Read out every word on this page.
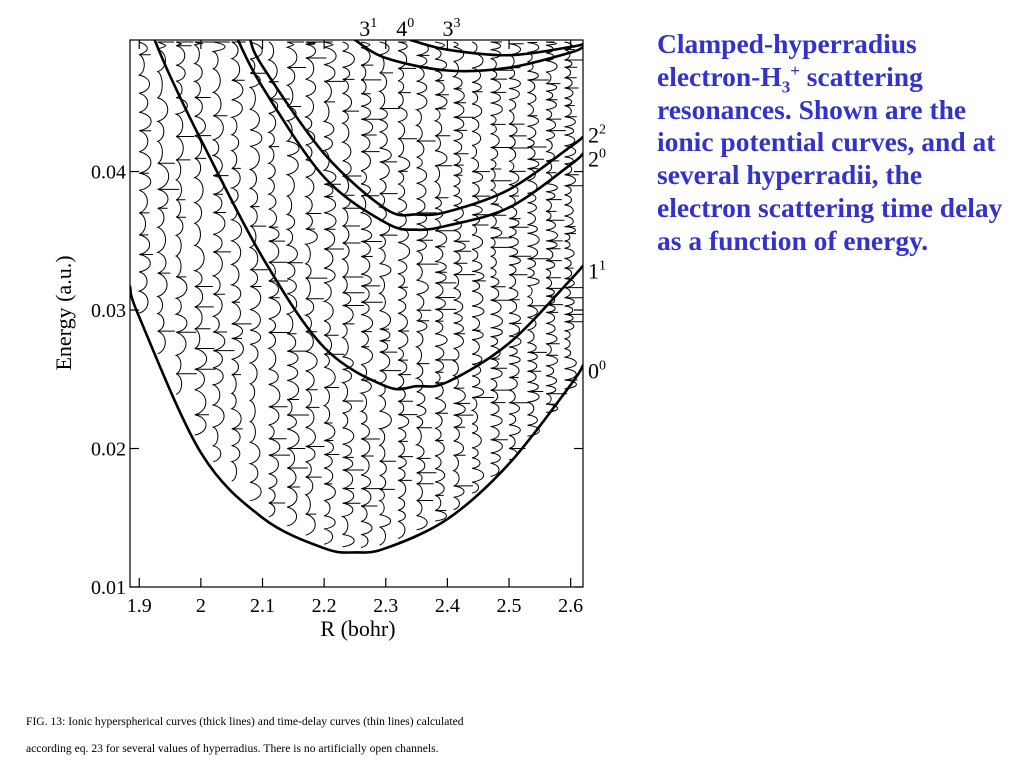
1.9 2 2.1 2.2 2.3 2.4 2.5 2.6
0.01
0.02
0.03
0.04
$0^0$
$1^1$
$2^0$
$2^2$
$3^1$ $4^0$ $3^3$
R (bohr)
Energy (a.u.)
Clamped-hyperradius electron-$H_3^+$ scattering resonances. Shown are the ionic potential curves, and at several hyperradii, the electron scattering time delay as a function of energy.
FIG. 13: Ionic hyperspherical curves (thick lines) and time-delay curves (thin lines) calculated
according eq. 23 for several values of hyperradius. There is no artificially open channels.
